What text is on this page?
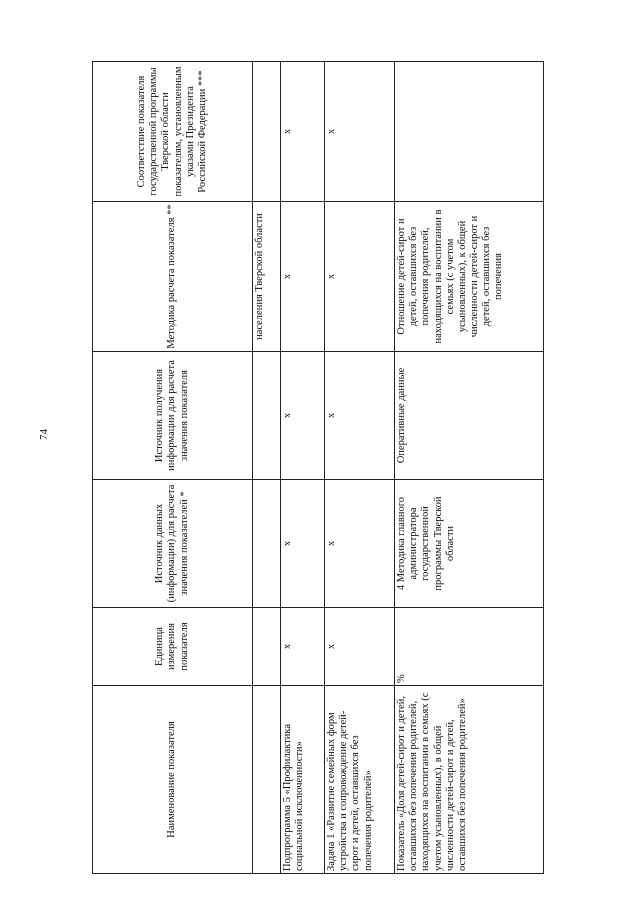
74
Наименование показателя	Единица измерения показателя	Источник данных (информации) для расчета значения показателей *	Источник получения информации для расчета значения показателя	Методика расчета показателя **	Соответствие показателя государственной программы Тверской области показателям, установленным указами Президента Российской Федерации ***
				населения Тверской области	
Подпрограмма 5 «Профилактика социальной исключенности»	x	x	x	x	x
Задача 1 «Развитие семейных форм устройства и сопровождение детей-сирот и детей, оставшихся без попечения родителей»	x	x	x	x	x
Показатель «Доля детей-сирот и детей, оставшихся без попечения родителей, находящихся на воспитании в семьях (с учетом усыновленных), в общей численности детей-сирот и детей, оставшихся без попечения родителей»	%	4 Методика главного администратора государственной программы Тверской области	Оперативные данные	Отношение детей-сирот и детей, оставшихся без попечения родителей, находящихся на воспитании в семьях (с учетом усыновленных), к общей численности детей-сирот и детей, оставшихся без попечения	
